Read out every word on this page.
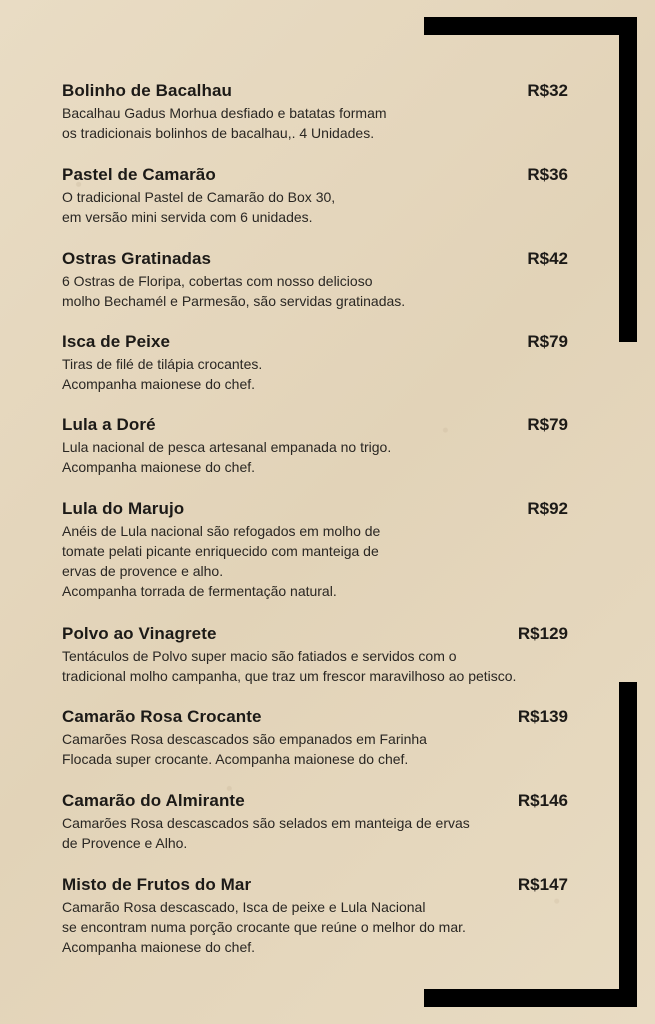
Bolinho de Bacalhau	R$32
Bacalhau Gadus Morhua desfiado e batatas formam
os tradicionais bolinhos de bacalhau,. 4 Unidades.
Pastel de Camarão	R$36
O tradicional Pastel de Camarão do Box 30,
em versão mini servida com 6 unidades.
Ostras Gratinadas	R$42
6 Ostras de Floripa, cobertas com nosso delicioso
molho Bechamél e Parmesão, são servidas gratinadas.
Isca de Peixe	R$79
Tiras de filé de tilápia crocantes.
Acompanha maionese do chef.
Lula a Doré	R$79
Lula nacional de pesca artesanal empanada no trigo.
Acompanha maionese do chef.
Lula do Marujo	R$92
Anéis de Lula nacional são refogados em molho de
tomate pelati picante enriquecido com manteiga de
ervas de provence e alho.
Acompanha torrada de fermentação natural.
Polvo ao Vinagrete	R$129
Tentáculos de Polvo super macio são fatiados e servidos com o
tradicional molho campanha, que traz um frescor maravilhoso ao petisco.
Camarão Rosa Crocante	R$139
Camarões Rosa descascados são empanados em Farinha
Flocada super crocante. Acompanha maionese do chef.
Camarão do Almirante	R$146
Camarões Rosa descascados são selados em manteiga de ervas
de Provence e Alho.
Misto de Frutos do Mar	R$147
Camarão Rosa descascado, Isca de peixe e Lula Nacional
se encontram numa porção crocante que reúne o melhor do mar.
Acompanha maionese do chef.
